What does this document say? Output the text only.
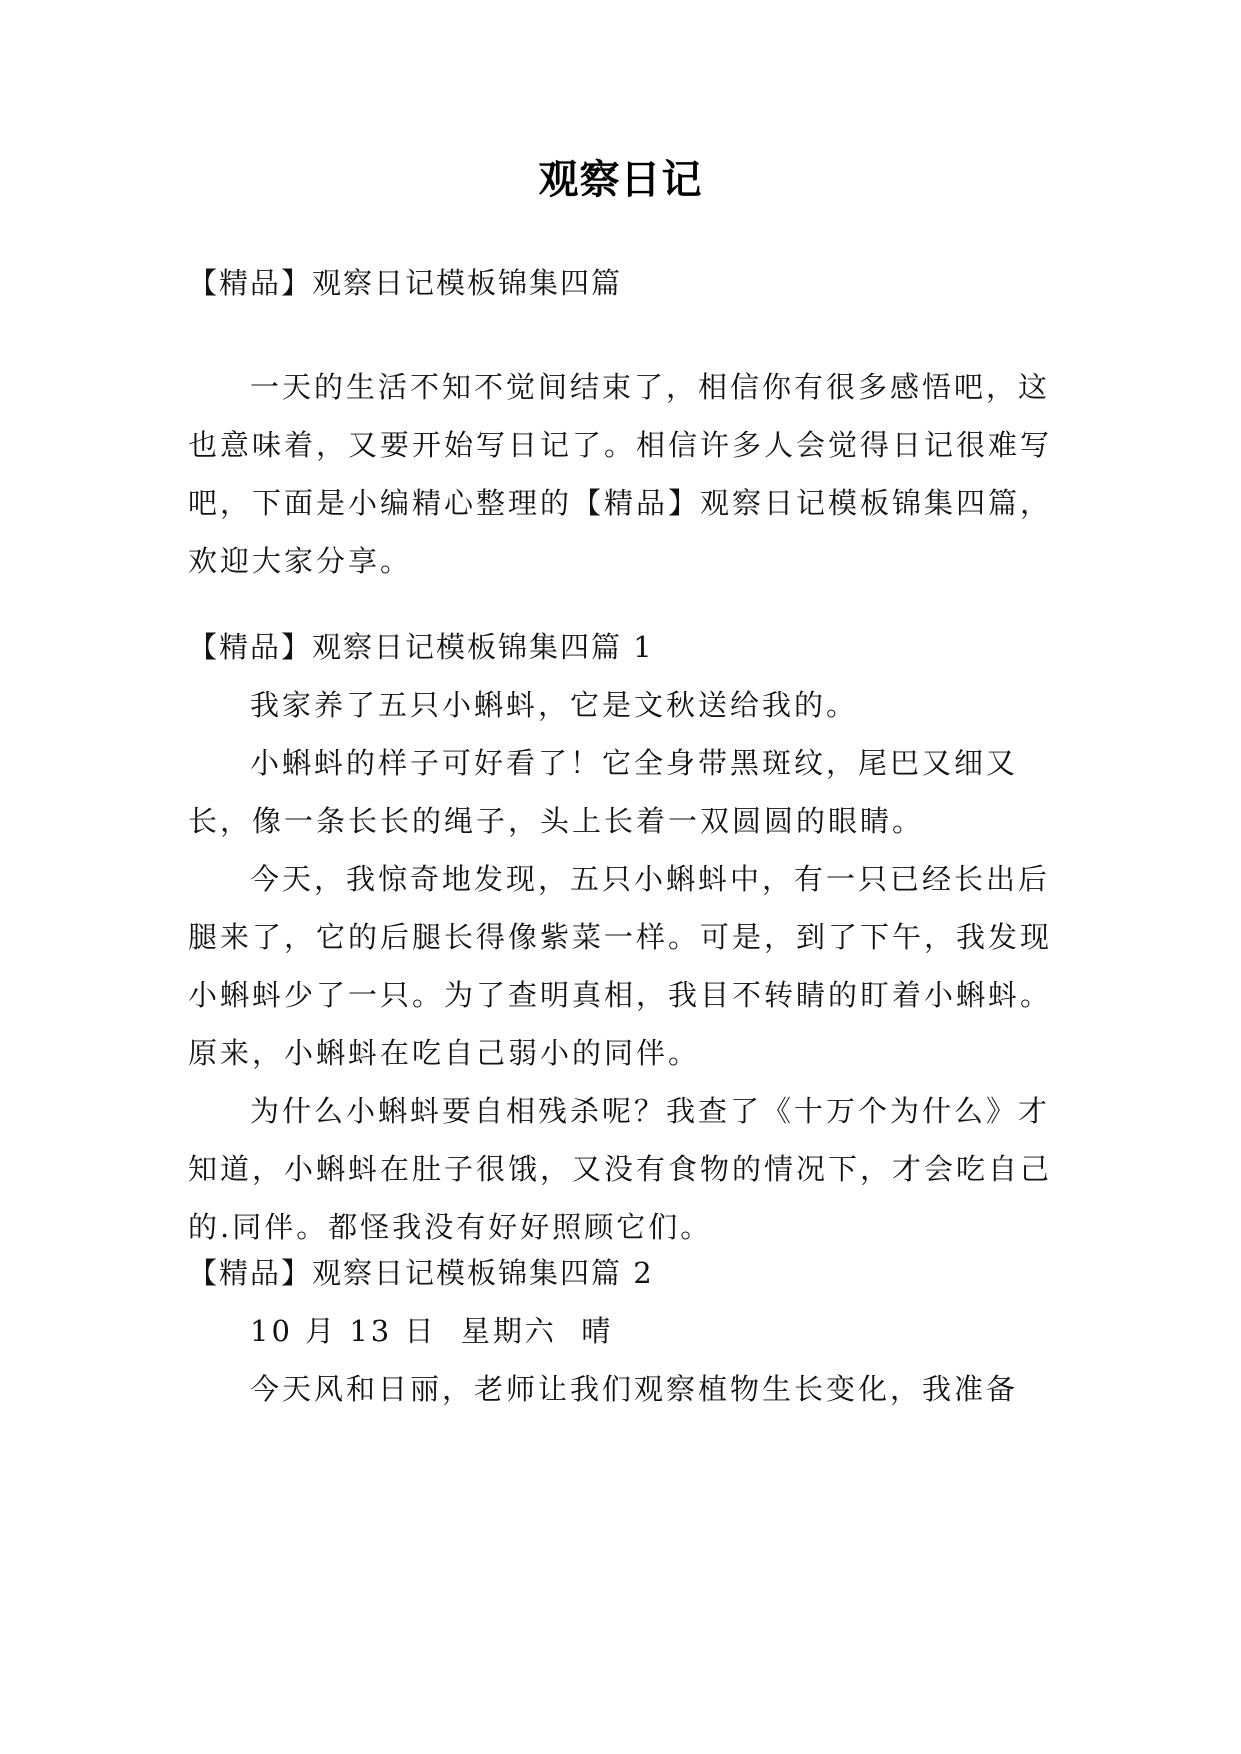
观察日记

【精品】观察日记模板锦集四篇

一天的生活不知不觉间结束了，相信你有很多感悟吧，这也意味着，又要开始写日记了。相信许多人会觉得日记很难写吧，下面是小编精心整理的【精品】观察日记模板锦集四篇，欢迎大家分享。

【精品】观察日记模板锦集四篇 1

我家养了五只小蝌蚪，它是文秋送给我的。

小蝌蚪的样子可好看了！它全身带黑斑纹，尾巴又细又长，像一条长长的绳子，头上长着一双圆圆的眼睛。

今天，我惊奇地发现，五只小蝌蚪中，有一只已经长出后腿来了，它的后腿长得像紫菜一样。可是，到了下午，我发现小蝌蚪少了一只。为了查明真相，我目不转睛的盯着小蝌蚪。原来，小蝌蚪在吃自己弱小的同伴。

为什么小蝌蚪要自相残杀呢？我查了《十万个为什么》才知道，小蝌蚪在肚子很饿，又没有食物的情况下，才会吃自己的.同伴。都怪我没有好好照顾它们。

【精品】观察日记模板锦集四篇 2

10 月 13 日  星期六  晴

今天风和日丽，老师让我们观察植物生长变化，我准备
